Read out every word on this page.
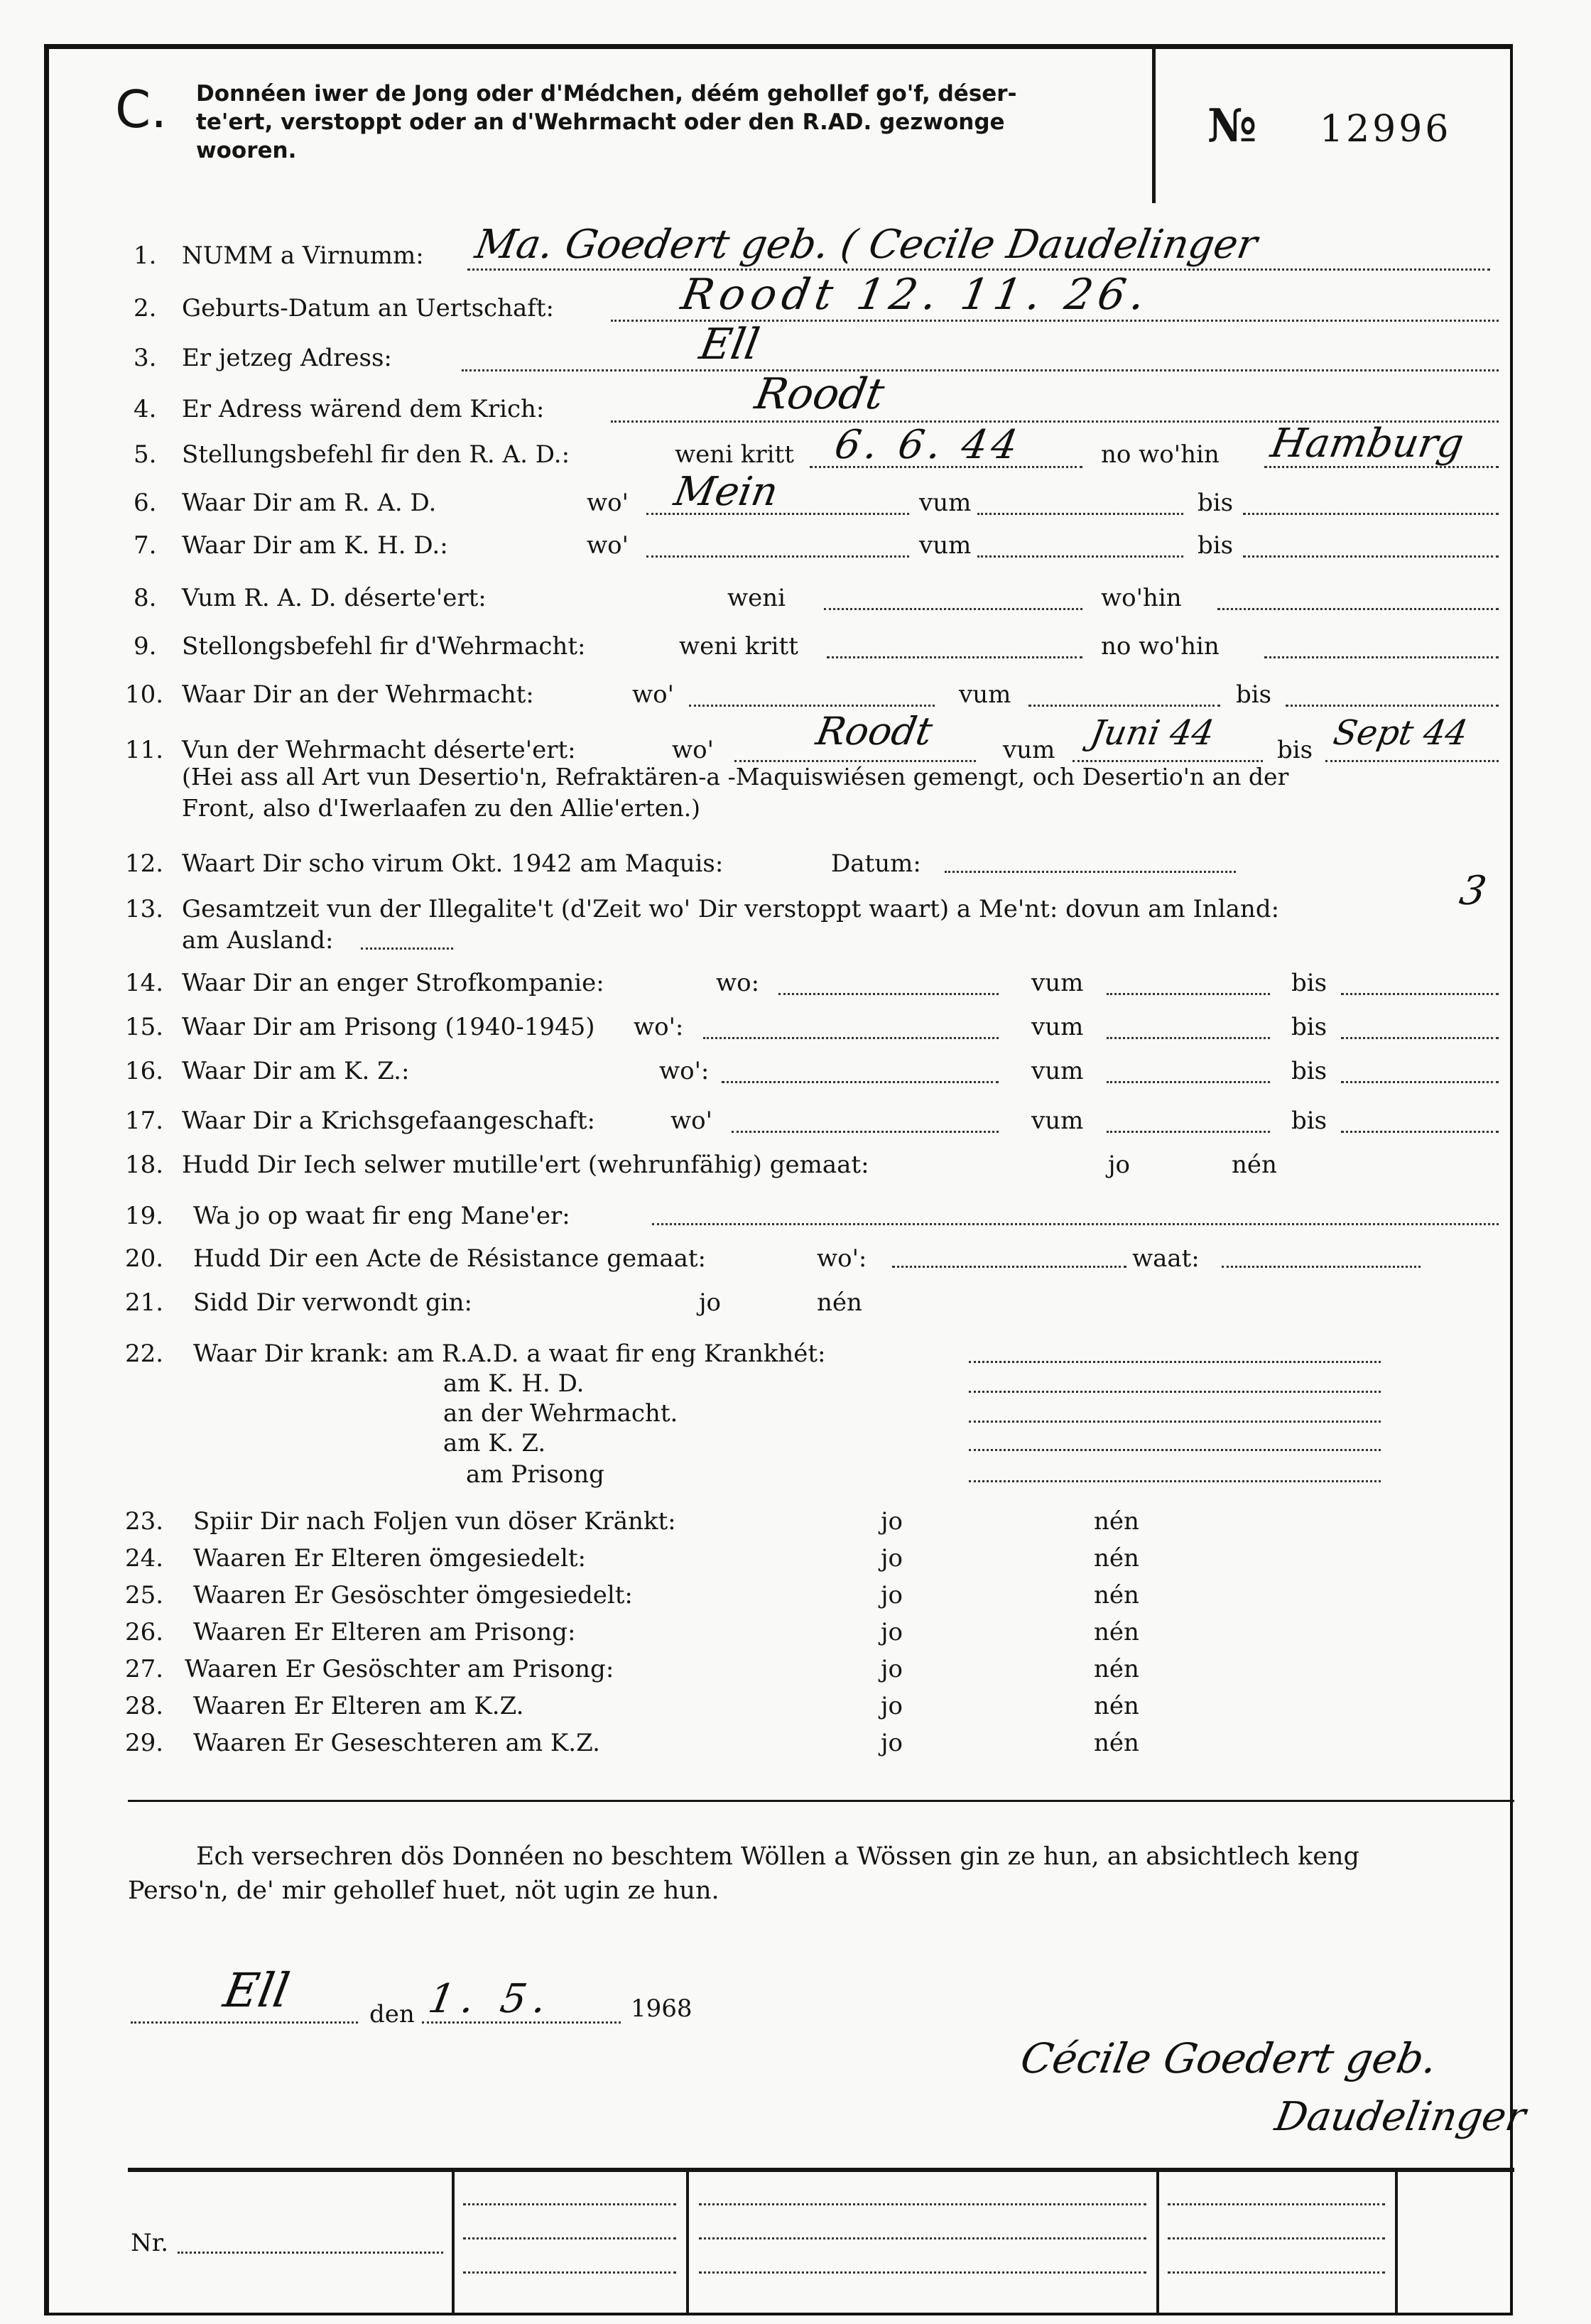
C. Donnéen iwer de Jong oder d'Médchen, déém gehollef go'f, déser-
te'ert, verstoppt oder an d'Wehrmacht oder den R.AD. gezwonge
wooren.	№ 12996
1. NUMM a Virnumm: Ma. Goedert geb. ( Cecile Daudelinger
2. Geburts-Datum an Uertschaft:	Roodt 12. 11. 26.
3. Er jetzeg Adress:	Ell
4. Er Adress wärend dem Krich:	Roodt
5. Stellungsbefehl fir den R. A. D.:	weni kritt 6. 6. 44	no wo'hin Hamburg
6. Waar Dir am R. A. D.	wo' Mein	vum	bis
7. Waar Dir am K. H. D.:	wo'	vum	bis
8. Vum R. A. D. déserte'ert:	weni	wo'hin
9. Stellongsbefehl fir d'Wehrmacht:	weni kritt	no wo'hin
10. Waar Dir an der Wehrmacht:	wo'	vum	bis
11. Vun der Wehrmacht déserte'ert:	wo'	Roodt	vum Juni 44 bis Sept 44
(Hei ass all Art vun Desertio'n, Refraktären-a -Maquiswiésen gemengt, och Desertio'n an der
Front, also d'Iwerlaafen zu den Allie'erten.)
12. Waart Dir scho virum Okt. 1942 am Maquis:	Datum:
13. Gesamtzeit vun der Illegalite't (d'Zeit wo' Dir verstoppt waart) a Me'nt: dovun am Inland:	3
am Ausland:
14. Waar Dir an enger Strofkompanie:	wo:	vum	bis
15. Waar Dir am Prisong (1940-1945) wo':	vum	bis
16. Waar Dir am K. Z.:	wo':	vum	bis
17. Waar Dir a Krichsgefaangeschaft:	wo'	vum	bis
18. Hudd Dir Iech selwer mutille'ert (wehrunfähig) gemaat:	jo	nén
19. Wa jo op waat fir eng Mane'er:
20. Hudd Dir een Acte de Résistance gemaat:	wo':	waat:
21. Sidd Dir verwondt gin:	jo	nén
22. Waar Dir krank: am R.A.D. a waat fir eng Krankhét:
am K. H. D.
an der Wehrmacht.
am K. Z.
am Prisong
23. Spiir Dir nach Foljen vun döser Kränkt:	jo	nén
24. Waaren Er Elteren ömgesiedelt:	jo	nén
25. Waaren Er Gesöschter ömgesiedelt:	jo	nén
26. Waaren Er Elteren am Prisong:	jo	nén
27. Waaren Er Gesöschter am Prisong:	jo	nén
28. Waaren Er Elteren am K.Z.	jo	nén
29. Waaren Er Geseschteren am K.Z.	jo	nén
Ech versechren dös Donnéen no beschtem Wöllen a Wössen gin ze hun, an absichtlech keng
Perso'n, de' mir gehollef huet, nöt ugin ze hun.
Ell	den 1. 5.	1968
Cécile Goedert geb.
Daudelinger
Nr.
